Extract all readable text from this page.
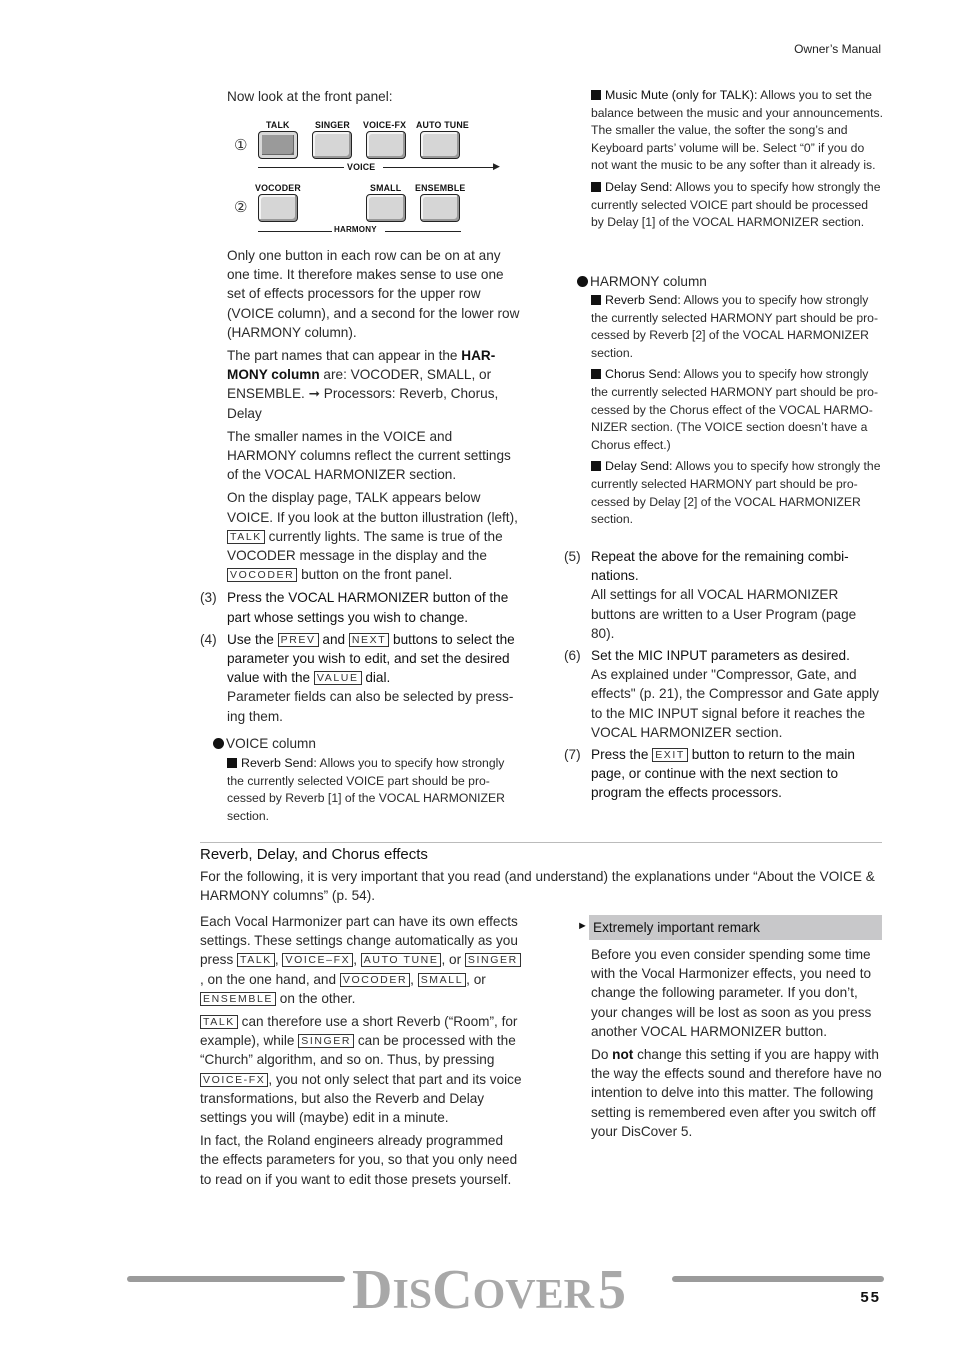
Owner’s Manual
Now look at the front panel:
①
TALK	SINGER VOICE-FX AUTO TUNE
VOICE	▶
②
VOCODER	SMALL ENSEMBLE
HARMONY

Only one button in each row can be on at any one time. It therefore makes sense to use one set of effects processors for the upper row (VOICE column), and a second for the lower row (HARMONY column).

The part names that can appear in the HARMONY column are: VOCODER, SMALL, or ENSEMBLE. ➞ Processors: Reverb, Chorus, Delay

The smaller names in the VOICE and HARMONY columns reflect the current settings of the VOCAL HARMONIZER section.

On the display page, TALK appears below VOICE. If you look at the button illustration (left), TALK currently lights. The same is true of the VOCODER message in the display and the VOCODER button on the front panel.

(3) Press the VOCAL HARMONIZER button of the part whose settings you wish to change.
(4) Use the PREV and NEXT buttons to select the parameter you wish to edit, and set the desired value with the VALUE dial.
Parameter fields can also be selected by pressing them.
VOICE column
Reverb Send: Allows you to specify how strongly the currently selected VOICE part should be processed by Reverb [1] of the VOCAL HARMONIZER section.

Music Mute (only for TALK): Allows you to set the balance between the music and your announcements. The smaller the value, the softer the song’s and Keyboard parts’ volume will be. Select “0” if you do not want the music to be any softer than it already is.

Delay Send: Allows you to specify how strongly the currently selected VOICE part should be processed by Delay [1] of the VOCAL HARMONIZER section.

HARMONY column

Reverb Send: Allows you to specify how strongly the currently selected HARMONY part should be processed by Reverb [2] of the VOCAL HARMONIZER section.

Chorus Send: Allows you to specify how strongly the currently selected HARMONY part should be processed by the Chorus effect of the VOCAL HARMONIZER section. (The VOICE section doesn’t have a Chorus effect.)

Delay Send: Allows you to specify how strongly the currently selected HARMONY part should be processed by Delay [2] of the VOCAL HARMONIZER section.

(5) Repeat the above for the remaining combinations.
All settings for all VOCAL HARMONIZER buttons are written to a User Program (page 80).
(6) Set the MIC INPUT parameters as desired.
As explained under "Compressor, Gate, and effects" (p. 21), the Compressor and Gate apply to the MIC INPUT signal before it reaches the VOCAL HARMONIZER section.
(7) Press the EXIT button to return to the main page, or continue with the next section to program the effects processors.
Reverb, Delay, and Chorus effects
For the following, it is very important that you read (and understand) the explanations under “About the VOICE & HARMONY columns” (p. 54).

Each Vocal Harmonizer part can have its own effects settings. These settings change automatically as you press TALK , VOICE–FX , AUTO TUNE , or SINGER, on the one hand, and VOCODER , SMALL , or ENSEMBLE on the other.

TALK can therefore use a short Reverb (“Room”, for example), while SINGER can be processed with the “Church” algorithm, and so on. Thus, by pressing VOICE-FX , you not only select that part and its voice transformations, but also the Reverb and Delay settings you will (maybe) edit in a minute.

In fact, the Roland engineers already programmed the effects parameters for you, so that you only need to read on if you want to edit those presets yourself.

► Extremely important remark

Before you even consider spending some time with the Vocal Harmonizer effects, you need to change the following parameter. If you don’t, your changes will be lost as soon as you press another VOCAL HARMONIZER button.

Do not change this setting if you are happy with the way the effects sound and therefore have no intention to delve into this matter. The following setting is remembered even after you switch off your DisCover 5.

DISCOVER 5	55
